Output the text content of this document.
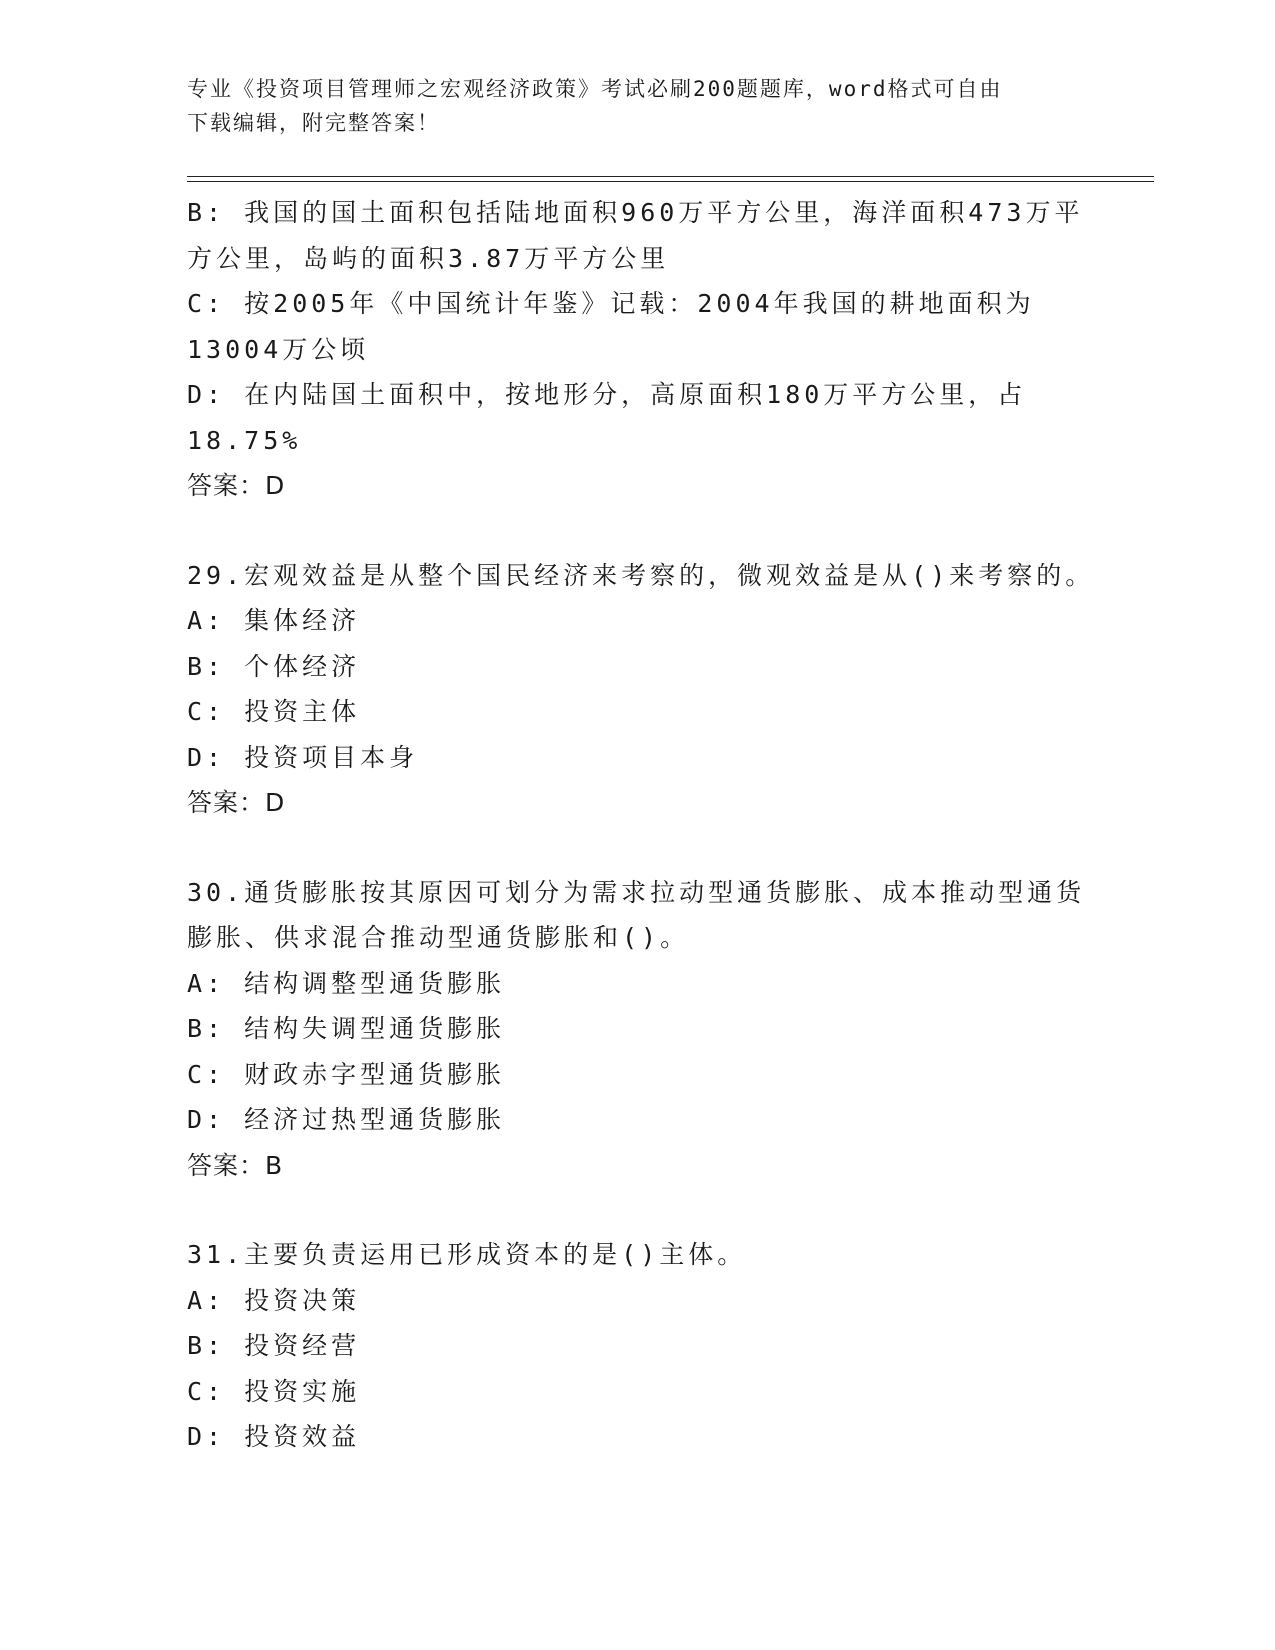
专业《投资项目管理师之宏观经济政策》考试必刷200题题库，word格式可自由
下载编辑，附完整答案！
B: 我国的国土面积包括陆地面积960万平方公里，海洋面积473万平
方公里，岛屿的面积3.87万平方公里
C: 按2005年《中国统计年鉴》记载：2004年我国的耕地面积为
13004万公顷
D: 在内陆国土面积中，按地形分，高原面积180万平方公里，占
18.75%
答案：D
29.宏观效益是从整个国民经济来考察的，微观效益是从()来考察的。
A: 集体经济
B: 个体经济
C: 投资主体
D: 投资项目本身
答案：D
30.通货膨胀按其原因可划分为需求拉动型通货膨胀、成本推动型通货
膨胀、供求混合推动型通货膨胀和()。
A: 结构调整型通货膨胀
B: 结构失调型通货膨胀
C: 财政赤字型通货膨胀
D: 经济过热型通货膨胀
答案：B
31.主要负责运用已形成资本的是()主体。
A: 投资决策
B: 投资经营
C: 投资实施
D: 投资效益
